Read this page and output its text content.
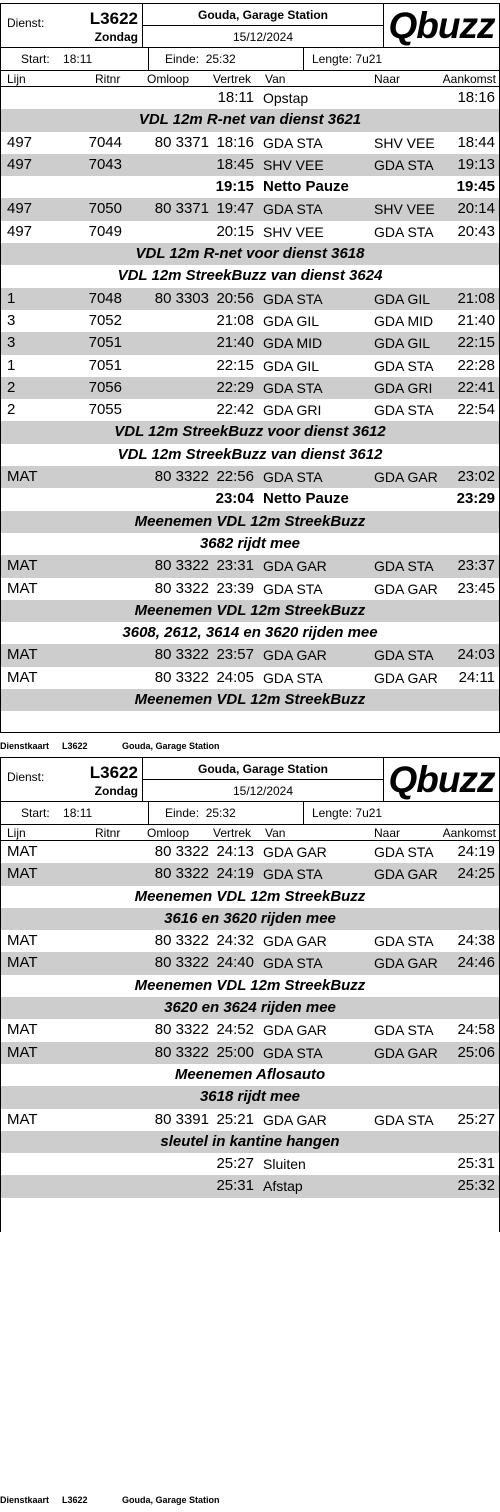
Dienst:	L3622
Zondag
Gouda, Garage Station
15/12/2024	Qbuzz
Start: 18:11	Einde: 25:32	Lengte: 7u21
Lijn	Ritnr Omloop Vertrek Van	Naar	Aankomst
18:11 Opstap	18:16
VDL 12m R-net van dienst 3621
497	7044 80 3371 18:16 GDA STA	SHV VEE 18:44
497	7043	18:45 SHV VEE	GDA STA 19:13
19:15 Netto Pauze	19:45
497	7050 80 3371 19:47 GDA STA	SHV VEE 20:14
497	7049	20:15 SHV VEE	GDA STA 20:43
VDL 12m R-net voor dienst 3618
VDL 12m StreekBuzz van dienst 3624
1	7048 80 3303 20:56 GDA STA	GDA GIL 21:08
3	7052	21:08 GDA GIL	GDA MID 21:40
3	7051	21:40 GDA MID	GDA GIL 22:15
1	7051	22:15 GDA GIL	GDA STA 22:28
2	7056	22:29 GDA STA	GDA GRI 22:41
2	7055	22:42 GDA GRI	GDA STA 22:54
VDL 12m StreekBuzz voor dienst 3612
VDL 12m StreekBuzz van dienst 3612
MAT	80 3322 22:56 GDA STA	GDA GAR 23:02
23:04 Netto Pauze	23:29
Meenemen VDL 12m StreekBuzz
3682 rijdt mee
MAT	80 3322 23:31 GDA GAR	GDA STA 23:37
MAT	80 3322 23:39 GDA STA	GDA GAR 23:45
Meenemen VDL 12m StreekBuzz
3608, 2612, 3614 en 3620 rijden mee
MAT	80 3322 23:57 GDA GAR	GDA STA 24:03
MAT	80 3322 24:05 GDA STA	GDA GAR 24:11
Meenemen VDL 12m StreekBuzz
Dienstkaart L3622	Gouda, Garage Station
Dienst:	L3622
Zondag
Gouda, Garage Station
15/12/2024	Qbuzz
Start: 18:11	Einde: 25:32	Lengte: 7u21
Lijn	Ritnr Omloop Vertrek Van	Naar	Aankomst
MAT	80 3322 24:13 GDA GAR	GDA STA 24:19
MAT	80 3322 24:19 GDA STA	GDA GAR 24:25
Meenemen VDL 12m StreekBuzz
3616 en 3620 rijden mee
MAT	80 3322 24:32 GDA GAR	GDA STA 24:38
MAT	80 3322 24:40 GDA STA	GDA GAR 24:46
Meenemen VDL 12m StreekBuzz
3620 en 3624 rijden mee
MAT	80 3322 24:52 GDA GAR	GDA STA 24:58
MAT	80 3322 25:00 GDA STA	GDA GAR 25:06
Meenemen Aflosauto
3618 rijdt mee
MAT	80 3391 25:21 GDA GAR	GDA STA 25:27
sleutel in kantine hangen
25:27 Sluiten	25:31
25:31 Afstap	25:32
Dienstkaart L3622	Gouda, Garage Station
